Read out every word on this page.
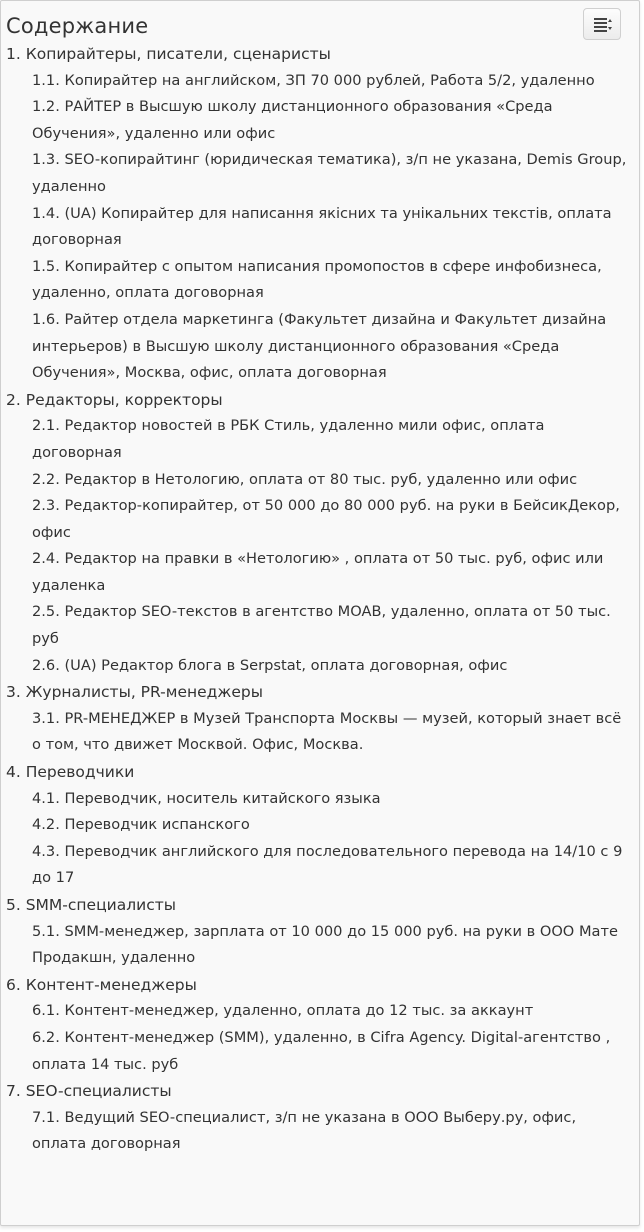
Содержание
1. Копирайтеры, писатели, сценаристы
1.1. Копирайтер на английском, ЗП 70 000 рублей, Работа 5/2, удаленно
1.2. РАЙТЕР в Высшую школу дистанционного образования «Среда Обучения», удаленно или офис
1.3. SEO-копирайтинг (юридическая тематика), з/п не указана, Demis Group, удаленно
1.4. (UA) Копирайтер для написання якісних та унікальних текстів, оплата договорная
1.5. Копирайтер с опытом написания промопостов в сфере инфобизнеса, удаленно, оплата договорная
1.6. Райтер отдела маркетинга (Факультет дизайна и Факультет дизайна интерьеров) в Высшую школу дистанционного образования «Среда Обучения», Москва, офис, оплата договорная
2. Редакторы, корректоры
2.1. Редактор новостей в РБК Стиль, удаленно мили офис, оплата договорная
2.2. Редактор в Нетологию, оплата от 80 тыс. руб, удаленно или офис
2.3. Редактор-копирайтер, от 50 000 до 80 000 руб. на руки в БейсикДекор, офис
2.4. Редактор на правки в «Нетологию» , оплата от 50 тыс. руб, офис или удаленка
2.5. Редактор SEO-текстов в агентство MOAB, удаленно, оплата от 50 тыс. руб
2.6. (UA) Редактор блога в Serpstat, оплата договорная, офис
3. Журналисты, PR-менеджеры
3.1. PR-МЕНЕДЖЕР в Музей Транспорта Москвы — музей, который знает всё о том, что движет Москвой. Офис, Москва.
4. Переводчики
4.1. Переводчик, носитель китайского языка
4.2. Переводчик испанского
4.3. Переводчик английского для последовательного перевода на 14/10 с 9 до 17
5. SMM-специалисты
5.1. SMM-менеджер, зарплата от 10 000 до 15 000 руб. на руки в ООО Мате Продакшн, удаленно
6. Контент-менеджеры
6.1. Контент-менеджер, удаленно, оплата до 12 тыс. за аккаунт
6.2. Контент-менеджер (SMM), удаленно, в Cifra Agency. Digital-агентство , оплата 14 тыс. руб
7. SEO-специалисты
7.1. Ведущий SEO-специалист, з/п не указана в ООО Выберу.ру, офис, оплата договорная
